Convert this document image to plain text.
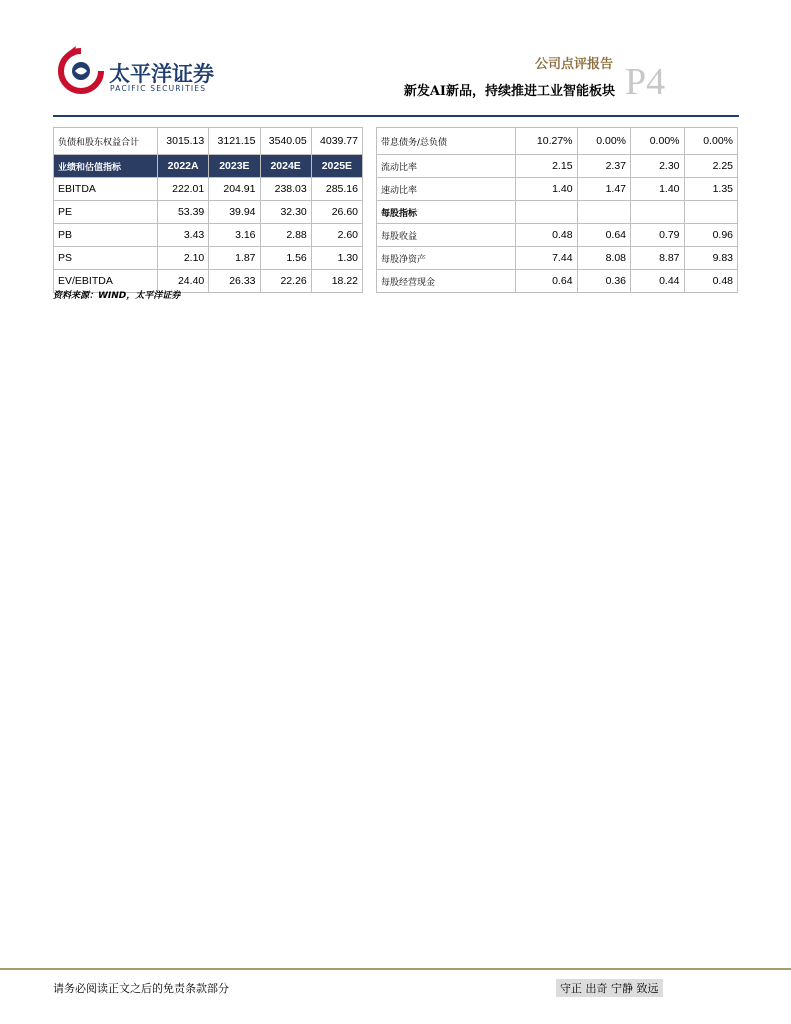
太平洋证券
PACIFIC SECURITIES
公司点评报告
新发AI新品，持续推进工业智能板块 P4
负债和股东权益合计	3015.13	3121.15	3540.05	4039.77
业绩和估值指标	2022A	2023E	2024E	2025E
EBITDA	222.01	204.91	238.03	285.16
PE	53.39	39.94	32.30	26.60
PB	3.43	3.16	2.88	2.60
PS	2.10	1.87	1.56	1.30
EV/EBITDA	24.40	26.33	22.26	18.22
带息债务/总负债	10.27%	0.00%	0.00%	0.00%
流动比率	2.15	2.37	2.30	2.25
速动比率	1.40	1.47	1.40	1.35
每股指标				
每股收益	0.48	0.64	0.79	0.96
每股净资产	7.44	8.08	8.87	9.83
每股经营现金	0.64	0.36	0.44	0.48
资料来源：WIND，太平洋证券
请务必阅读正文之后的免责条款部分	守正 出奇 宁静 致远
